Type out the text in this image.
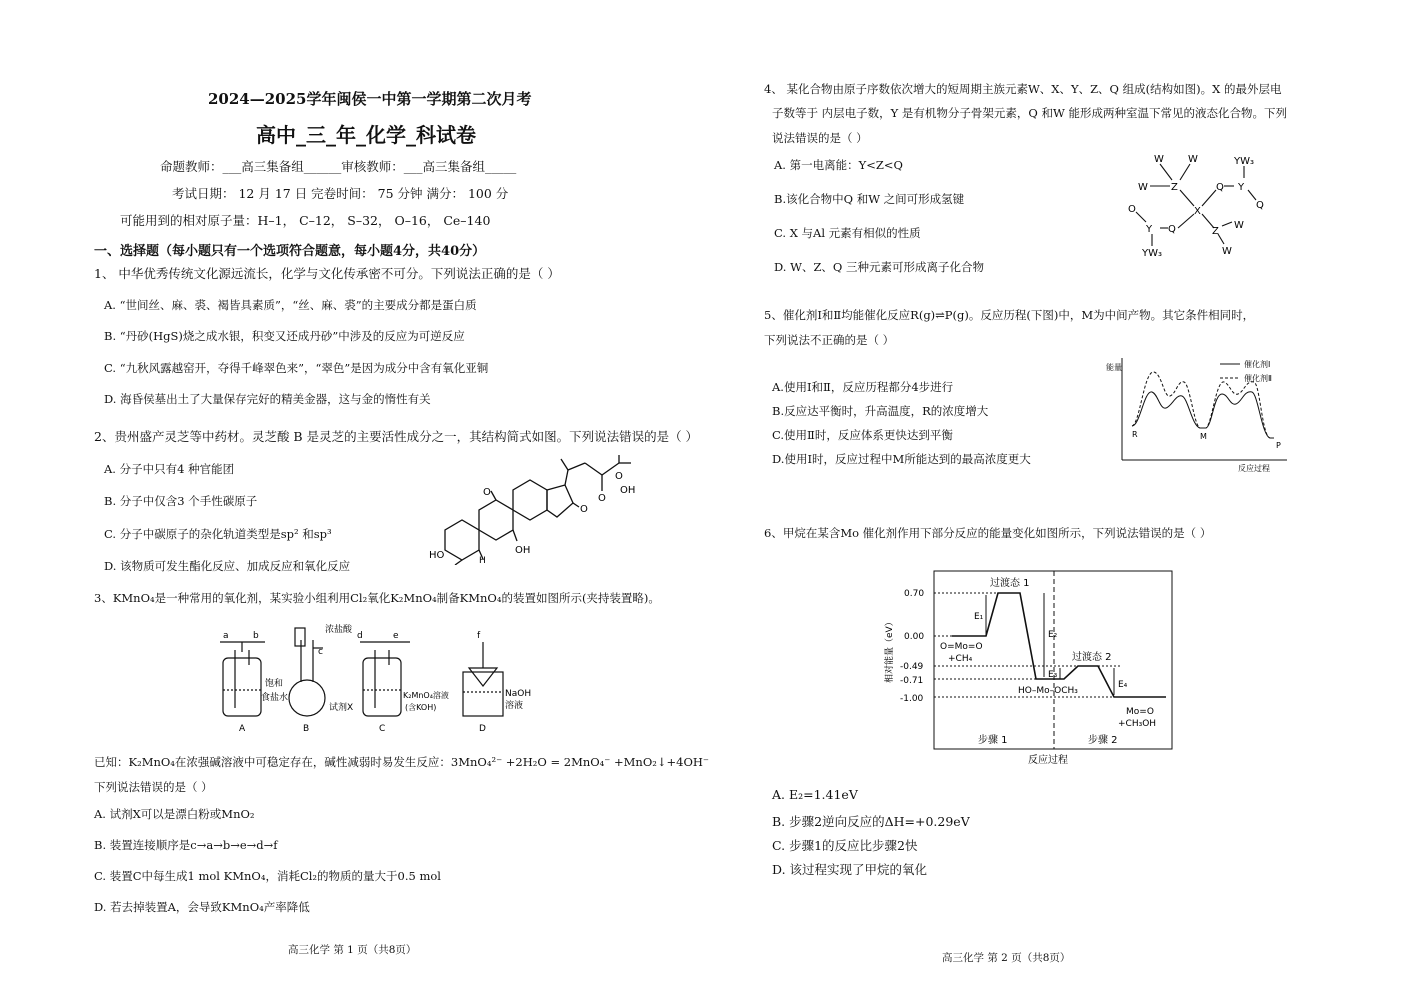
2024—2025学年闽侯一中第一学期第二次月考
高中_三_年_化学_科试卷
命题教师：___高三集备组______审核教师：___高三集备组_____
考试日期： 12 月 17 日 完卷时间： 75 分钟 满分： 100 分
可能用到的相对原子量：H–1， C–12， S–32， O–16， Ce–140
一、选择题（每小题只有一个选项符合题意，每小题4分，共40分）
1、 中华优秀传统文化源远流长，化学与文化传承密不可分。下列说法正确的是（ ）
A. “世间丝、麻、裘、褐皆具素质”，“丝、麻、裘”的主要成分都是蛋白质
B. “丹砂(HgS)烧之成水银，积变又还成丹砂”中涉及的反应为可逆反应
C. “九秋风露越窑开，夺得千峰翠色来”，“翠色”是因为成分中含有氧化亚铜
D. 海昏侯墓出土了大量保存完好的精美金器，这与金的惰性有关
2、贵州盛产灵芝等中药材。灵芝酸 B 是灵芝的主要活性成分之一，其结构简式如图。下列说法错误的是（ ）
A. 分子中只有4 种官能团
B. 分子中仅含3 个手性碳原子
C. 分子中碳原子的杂化轨道类型是sp² 和sp³
D. 该物质可发生酯化反应、加成反应和氧化反应
O
O
O
OH
HO	H
OH
O
3、KMnO₄是一种常用的氧化剂，某实验小组利用Cl₂氧化K₂MnO₄制备KMnO₄的装置如图所示(夹持装置略)。
a	b
浓盐酸
c
d	e	f
饱和
食盐水
试剂X
K₂MnO₄溶液
(含KOH)
NaOH
溶液
A	B	C	D
已知：K₂MnO₄在浓强碱溶液中可稳定存在，碱性减弱时易发生反应：3MnO₄²⁻ +2H₂O = 2MnO₄⁻ +MnO₂↓+4OH⁻
下列说法错误的是（ ）
A. 试剂X可以是漂白粉或MnO₂
B. 装置连接顺序是c→a→b→e→d→f
C. 装置C中每生成1 mol KMnO₄，消耗Cl₂的物质的量大于0.5 mol
D. 若去掉装置A，会导致KMnO₄产率降低
高三化学 第 1 页（共8页）
4、 某化合物由原子序数依次增大的短周期主族元素W、X、Y、Z、Q 组成(结构如图)。X 的最外层电
子数等于 内层电子数，Y 是有机物分子骨架元素，Q 和W 能形成两种室温下常见的液态化合物。下列
说法错误的是（ ）
A. 第一电离能：Y<Z<Q
B.该化合物中Q 和W 之间可形成氢键
C. X 与Al 元素有相似的性质
D. W、Z、Q 三种元素可形成离子化合物
W W
W Z
YW₃
Q Y
Q
X
O
Y Q
YW₃
Z
W
W
5、催化剂Ⅰ和Ⅱ均能催化反应R(g)⇌P(g)。反应历程(下图)中，M为中间产物。其它条件相同时，
下列说法不正确的是（ ）
A.使用Ⅰ和Ⅱ，反应历程都分4步进行
B.反应达平衡时，升高温度，R的浓度增大
C.使用Ⅱ时，反应体系更快达到平衡
D.使用Ⅰ时，反应过程中M所能达到的最高浓度更大
能量	催化剂Ⅰ
催化剂Ⅱ
R	M
P
反应过程
6、甲烷在某含Mo 催化剂作用下部分反应的能量变化如图所示，下列说法错误的是（ ）
0.70
0.00
-0.49
-0.71
-1.00
相对能量（eV）
过渡态 1
过渡态 2
O=Mo=O
+CH₄
HO–Mo–OCH₃
Mo=O
+CH₃OH
E₁
E₂
E₃
E₄
步骤 1	步骤 2
反应过程
A. E₂=1.41eV
B. 步骤2逆向反应的ΔH=+0.29eV
C. 步骤1的反应比步骤2快
D. 该过程实现了甲烷的氧化
高三化学 第 2 页（共8页）
